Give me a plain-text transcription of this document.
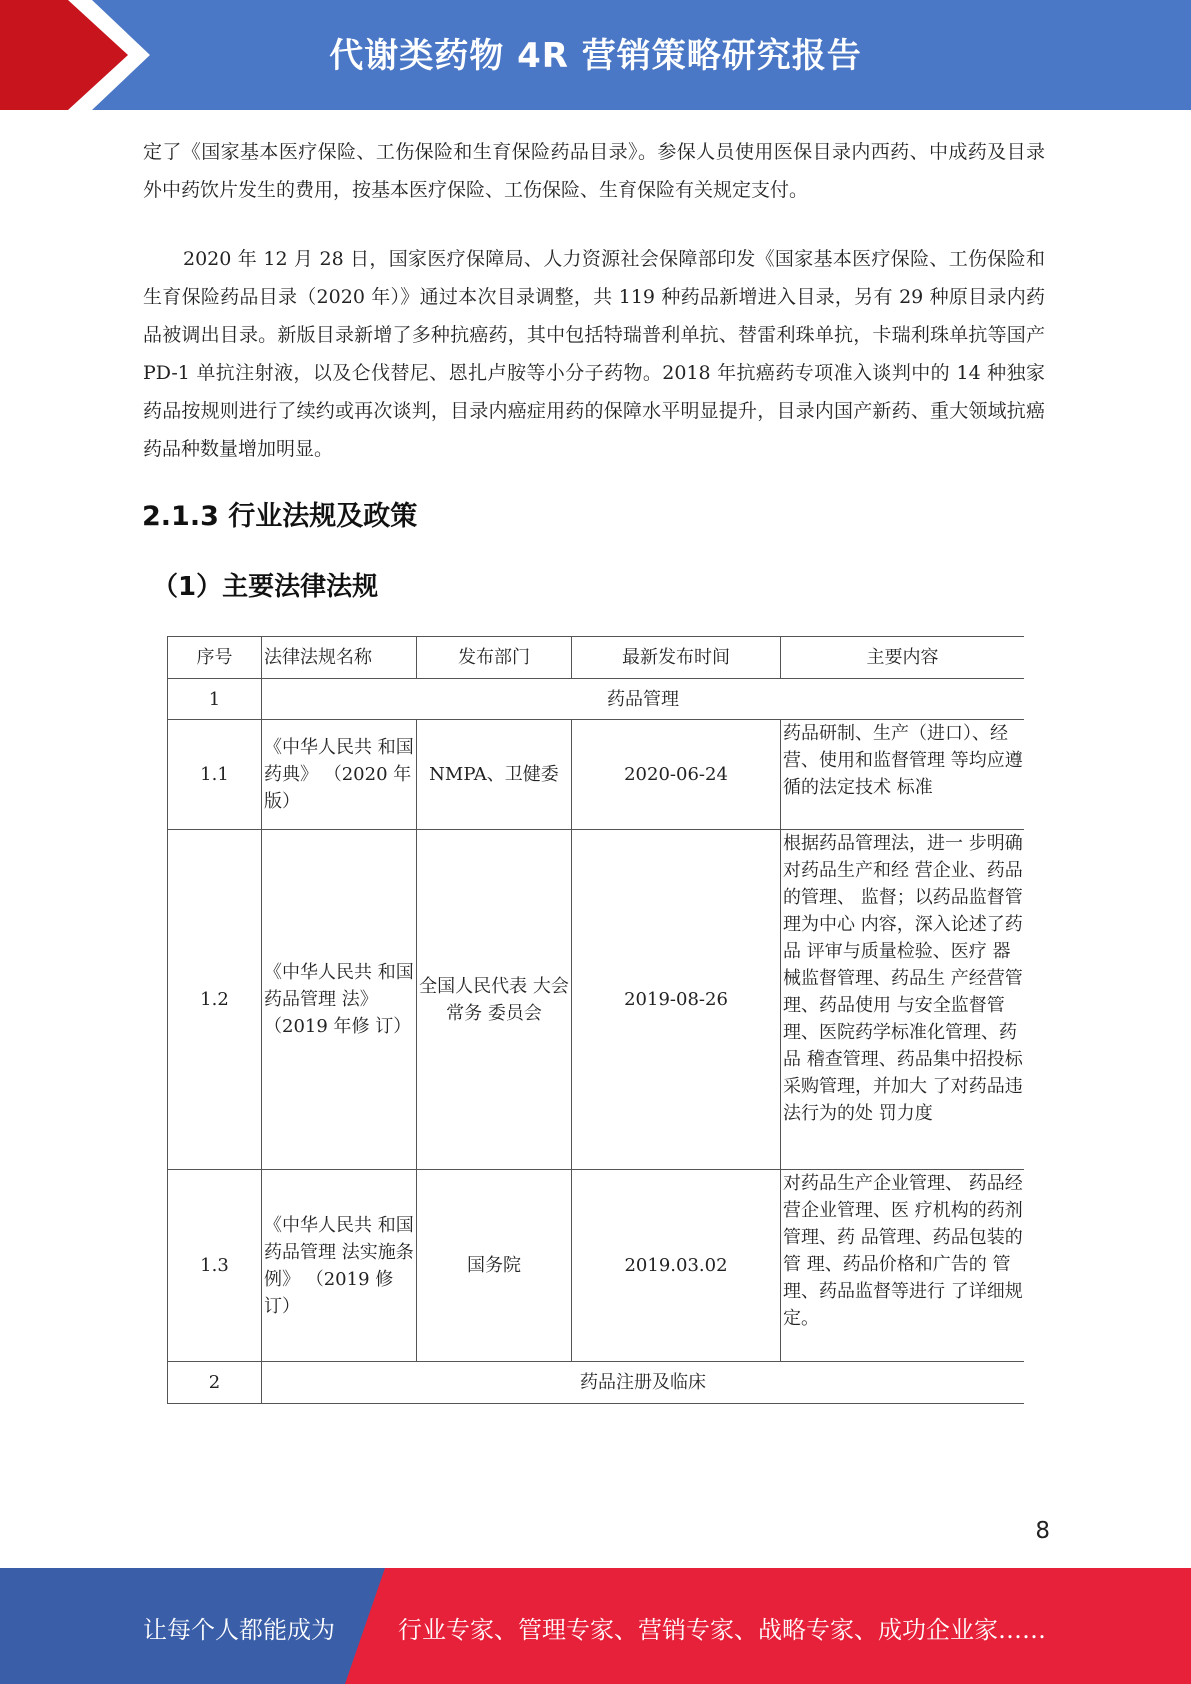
代谢类药物 4R 营销策略研究报告

定了《国家基本医疗保险、工伤保险和生育保险药品目录》。参保人员使用医保目录内西药、中成药及目录外中药饮片发生的费用，按基本医疗保险、工伤保险、生育保险有关规定支付。

2020 年 12 月 28 日，国家医疗保障局、人力资源社会保障部印发《国家基本医疗保险、工伤保险和生育保险药品目录（2020 年）》通过本次目录调整，共 119 种药品新增进入目录，另有 29 种原目录内药品被调出目录。新版目录新增了多种抗癌药，其中包括特瑞普利单抗、替雷利珠单抗，卡瑞利珠单抗等国产 PD-1 单抗注射液，以及仑伐替尼、恩扎卢胺等小分子药物。2018 年抗癌药专项准入谈判中的 14 种独家药品按规则进行了续约或再次谈判，目录内癌症用药的保障水平明显提升，目录内国产新药、重大领域抗癌药品种数量增加明显。

2.1.3 行业法规及政策
（1）主要法律法规
序号	法律法规名称	发布部门	最新发布时间	主要内容
1	药品管理			
1.1	《中华人民共 和国药典》 （2020 年版）	NMPA、卫健委	2020-06-24	药品研制、生产（进口）、经营、使用和监督管理 等均应遵循的法定技术 标准
1.2	《中华人民共 和国药品管理 法》（2019 年修 订）	全国人民代表 大会常务 委员会	2019-08-26	根据药品管理法，进一 步明确对药品生产和经 营企业、药品的管理、 监督；以药品监督管理为中心 内容，深入论述了药品 评审与质量检验、医疗 器械监督管理、药品生 产经营管理、药品使用 与安全监督管理、医院药学标准化管理、药品 稽查管理、药品集中招投标采购管理，并加大 了对药品违法行为的处 罚力度

1.3	《中华人民共 和国药品管理 法实施条例》 （2019 修订）	国务院	2019.03.02	对药品生产企业管理、 药品经营企业管理、医 疗机构的药剂管理、药 品管理、药品包装的管 理、药品价格和广告的 管理、药品监督等进行 了详细规定。
2	药品注册及临床			
8
让每个人都能成为	行业专家、管理专家、营销专家、战略专家、成功企业家……
